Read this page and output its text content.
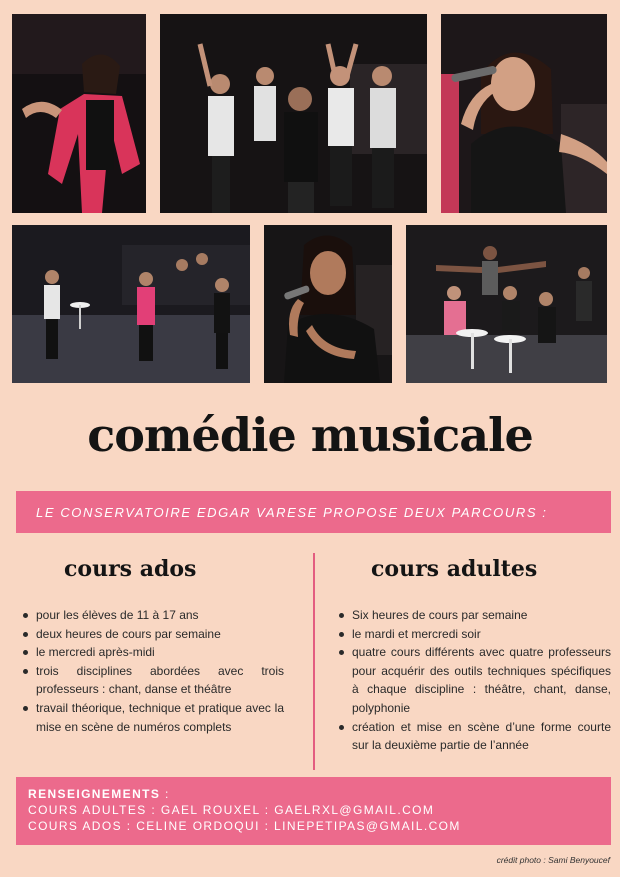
comédie musicale
LE CONSERVATOIRE EDGAR VARESE PROPOSE DEUX PARCOURS :
cours ados	cours adultes
pour les élèves de 11 à 17 ans
deux heures de cours par semaine
le mercredi après-midi
trois disciplines abordées avec trois professeurs : chant, danse et théâtre
travail théorique, technique et pratique avec la mise en scène de numéros complets
Six heures de cours par semaine
le mardi et mercredi soir
quatre cours différents avec quatre professeurs pour acquérir des outils techniques spécifiques à chaque discipline : théâtre, chant, danse, polyphonie
création et mise en scène d’une forme courte sur la deuxième partie de l’année
RENSEIGNEMENTS :
COURS ADULTES : GAEL ROUXEL : GAELRXL@GMAIL.COM
COURS ADOS : CELINE ORDOQUI : LINEPETIPAS@GMAIL.COM
crédit photo : Sami Benyoucef
